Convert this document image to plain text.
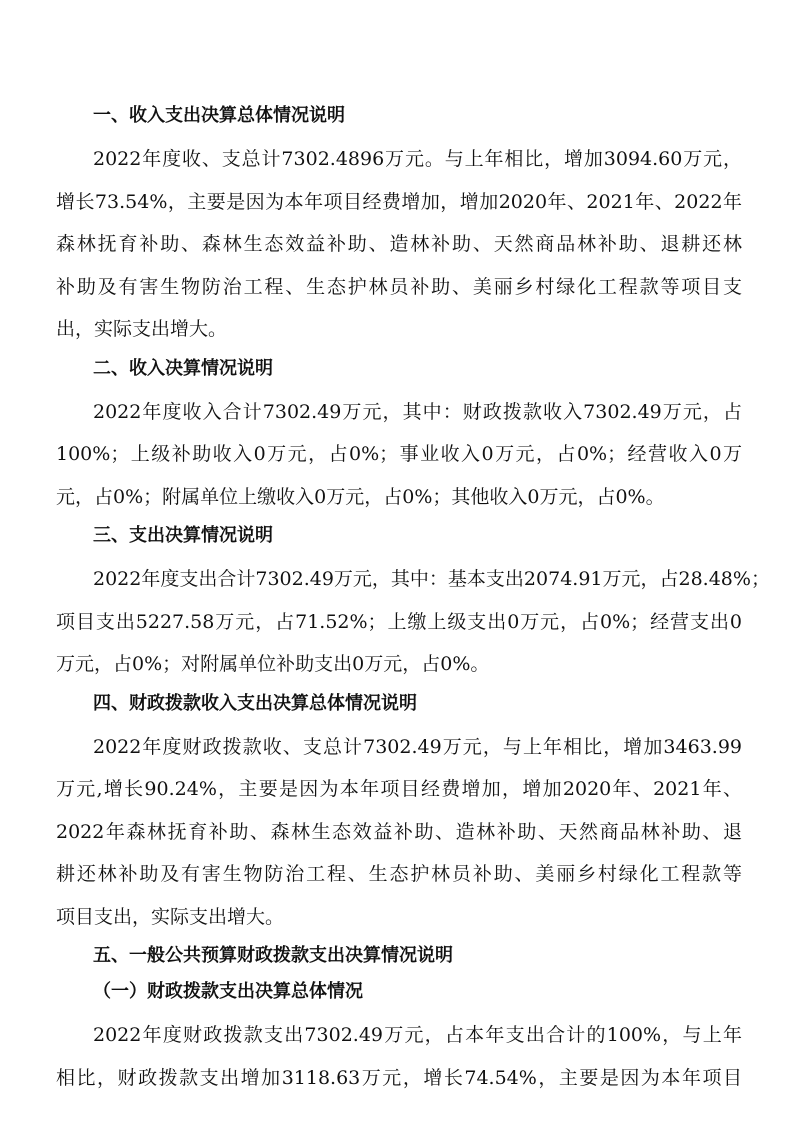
一、收入支出决算总体情况说明

2022年度收、支总计7302.4896万元。与上年相比，增加3094.60万元，
增长73.54%，主要是因为本年项目经费增加，增加2020年、2021年、2022年
森林抚育补助、森林生态效益补助、造林补助、天然商品林补助、退耕还林
补助及有害生物防治工程、生态护林员补助、美丽乡村绿化工程款等项目支
出，实际支出增大。

二、收入决算情况说明

2022年度收入合计7302.49万元，其中：财政拨款收入7302.49万元，占
100%；上级补助收入0万元，占0%；事业收入0万元，占0%；经营收入0万
元，占0%；附属单位上缴收入0万元，占0%；其他收入0万元，占0%。

三、支出决算情况说明

2022年度支出合计7302.49万元，其中：基本支出2074.91万元，占28.48%；
项目支出5227.58万元，占71.52%；上缴上级支出0万元，占0%；经营支出0
万元，占0%；对附属单位补助支出0万元，占0%。

四、财政拨款收入支出决算总体情况说明

2022年度财政拨款收、支总计7302.49万元，与上年相比，增加3463.99
万元,增长90.24%，主要是因为本年项目经费增加，增加2020年、2021年、
2022年森林抚育补助、森林生态效益补助、造林补助、天然商品林补助、退
耕还林补助及有害生物防治工程、生态护林员补助、美丽乡村绿化工程款等
项目支出，实际支出增大。

五、一般公共预算财政拨款支出决算情况说明
（一）财政拨款支出决算总体情况

2022年度财政拨款支出7302.49万元，占本年支出合计的100%，与上年
相比，财政拨款支出增加3118.63万元，增长74.54%，主要是因为本年项目
